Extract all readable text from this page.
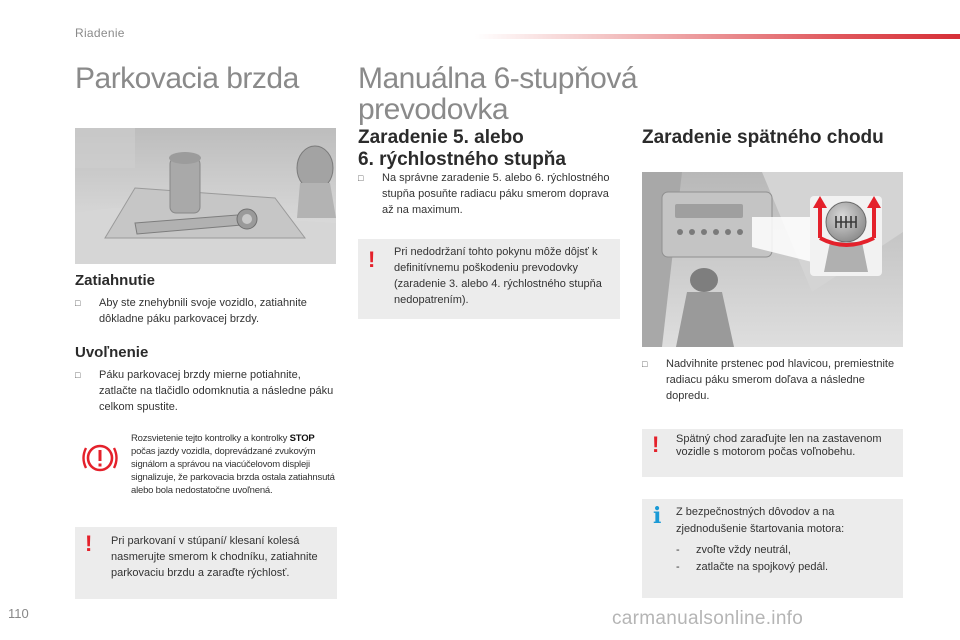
Riadenie
Parkovacia brzda	Manuálna 6-stupňová
prevodovka
Zatiahnutie
□	Aby ste znehybnili svoje vozidlo, zatiahnite dôkladne páku parkovacej brzdy.
Uvoľnenie
□	Páku parkovacej brzdy mierne potiahnite, zatlačte na tlačidlo odomknutia a následne páku celkom spustite.
Rozsvietenie tejto kontrolky a kontrolky STOP počas jazdy vozidla, doprevádzané zvukovým signálom a správou na viacúčelovom displeji signalizuje, že parkovacia brzda ostala zatiahnsutá alebo bola nedostatočne uvoľnená.
! Pri parkovaní v stúpaní/ klesaní kolesá nasmerujte smerom k chodníku, zatiahnite parkovaciu brzdu a zaraďte rýchlosť.
Zaradenie 5. alebo
6. rýchlostného stupňa
□	Na správne zaradenie 5. alebo 6. rýchlostného stupňa posuňte radiacu páku smerom doprava až na maximum.
! Pri nedodržaní tohto pokynu môže dôjsť k definitívnemu poškodeniu prevodovky (zaradenie 3. alebo 4. rýchlostného stupňa nedopatrením).
Zaradenie spätného chodu
□	Nadvihnite prstenec pod hlavicou, premiestnite radiacu páku smerom doľava a následne dopredu.
! Spätný chod zaraďujte len na zastavenom vozidle s motorom počas voľnobehu.
i Z bezpečnostných dôvodov a na zjednodušenie štartovania motora:
- zvoľte vždy neutrál,
- zatlačte na spojkový pedál.
110	carmanualsonline.info
